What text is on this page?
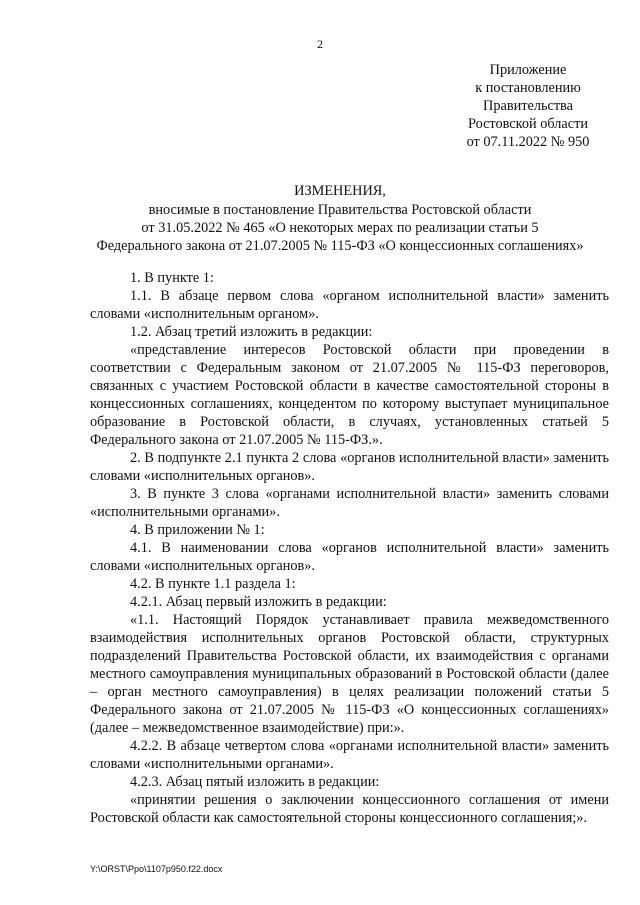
2
Приложение
к постановлению
Правительства
Ростовской области
от 07.11.2022 № 950
ИЗМЕНЕНИЯ,
вносимые в постановление Правительства Ростовской области
от 31.05.2022 № 465 «О некоторых мерах по реализации статьи 5
Федерального закона от 21.07.2005 № 115-ФЗ «О концессионных соглашениях»

1. В пункте 1:

1.1. В абзаце первом слова «органом исполнительной власти» заменить словами «исполнительным органом».

1.2. Абзац третий изложить в редакции:

«представление интересов Ростовской области при проведении в соответствии с Федеральным законом от 21.07.2005 № 115-ФЗ переговоров, связанных с участием Ростовской области в качестве самостоятельной стороны в концессионных соглашениях, концедентом по которому выступает муниципальное образование в Ростовской области, в случаях, установленных статьей 5 Федерального закона от 21.07.2005 № 115-ФЗ.».

2. В подпункте 2.1 пункта 2 слова «органов исполнительной власти» заменить словами «исполнительных органов».

3. В пункте 3 слова «органами исполнительной власти» заменить словами «исполнительными органами».

4. В приложении № 1:

4.1. В наименовании слова «органов исполнительной власти» заменить словами «исполнительных органов».

4.2. В пункте 1.1 раздела 1:

4.2.1. Абзац первый изложить в редакции:

«1.1. Настоящий Порядок устанавливает правила межведомственного взаимодействия исполнительных органов Ростовской области, структурных подразделений Правительства Ростовской области, их взаимодействия с органами местного самоуправления муниципальных образований в Ростовской области (далее – орган местного самоуправления) в целях реализации положений статьи 5 Федерального закона от 21.07.2005 № 115-ФЗ «О концессионных соглашениях» (далее – межведомственное взаимодействие) при:».

4.2.2. В абзаце четвертом слова «органами исполнительной власти» заменить словами «исполнительными органами».

4.2.3. Абзац пятый изложить в редакции:

«принятии решения о заключении концессионного соглашения от имени Ростовской области как самостоятельной стороны концессионного соглашения;».

Y:\ORST\Ppo\1107p950.f22.docx
